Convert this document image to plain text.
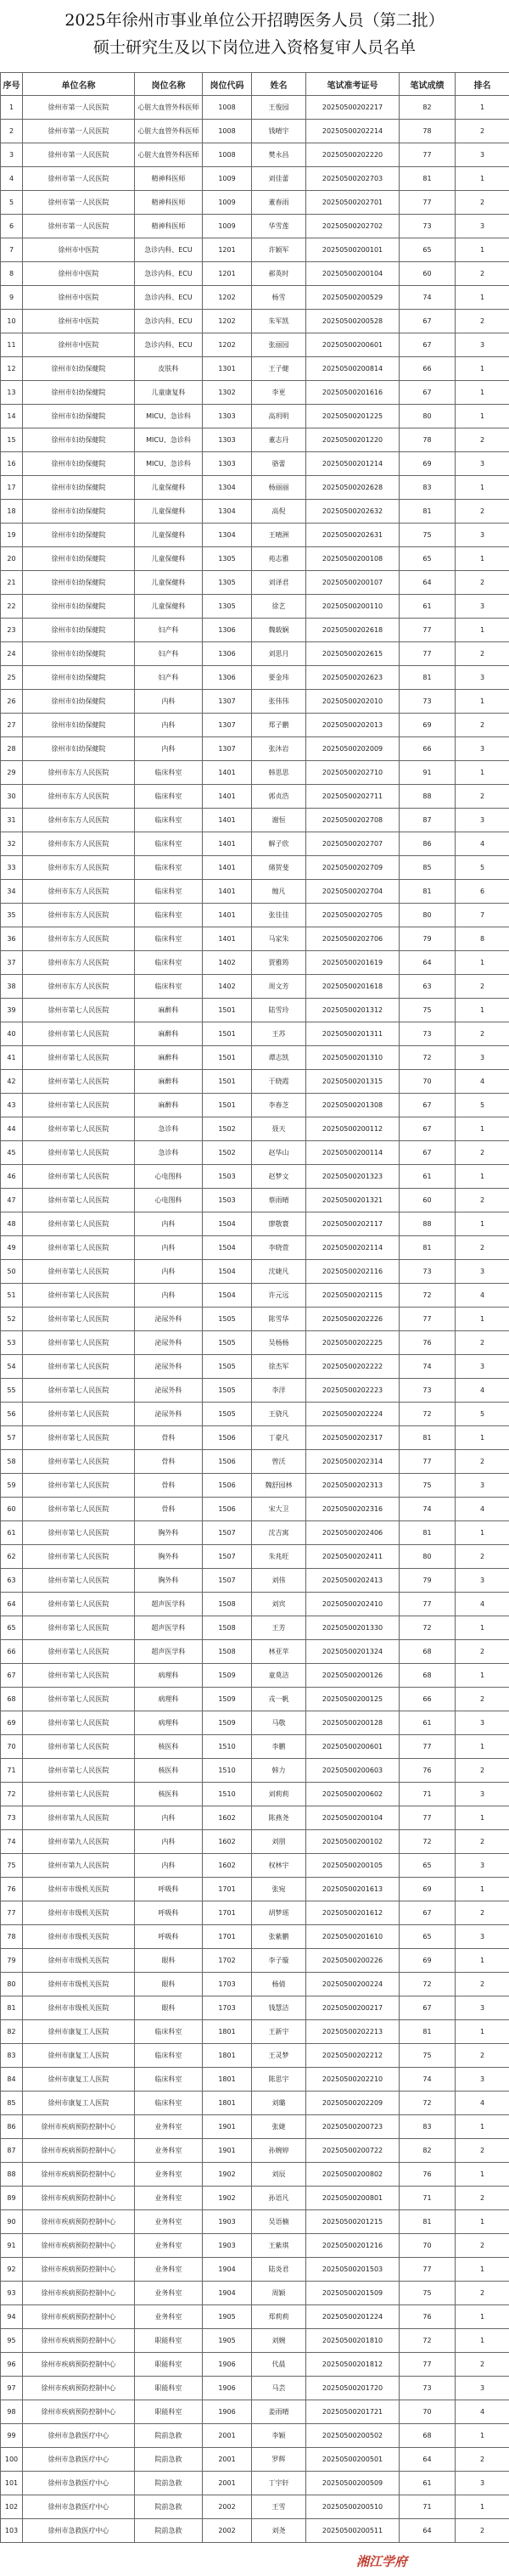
2025年徐州市事业单位公开招聘医务人员（第二批）
硕士研究生及以下岗位进入资格复审人员名单
序号	单位名称	岗位名称	岗位代码	姓名	笔试准考证号	笔试成绩	排名
1	徐州市第一人民医院	心脏大血管外科医师	1008	王俊园	20250500202217	82	1
2	徐州市第一人民医院	心脏大血管外科医师	1008	钱晴宇	20250500202214	78	2
3	徐州市第一人民医院	心脏大血管外科医师	1008	樊永昌	20250500202220	77	3
4	徐州市第一人民医院	精神科医师	1009	刘佳蕾	20250500202703	81	1
5	徐州市第一人民医院	精神科医师	1009	董春雨	20250500202701	77	2
6	徐州市第一人民医院	精神科医师	1009	华雪莲	20250500202702	73	3
7	徐州市中医院	急诊内科、ECU	1201	许颖军	20250500200101	65	1
8	徐州市中医院	急诊内科、ECU	1201	郝英时	20250500200104	60	2
9	徐州市中医院	急诊内科、ECU	1202	杨雪	20250500200529	74	1
10	徐州市中医院	急诊内科、ECU	1202	朱军凯	20250500200528	67	2
11	徐州市中医院	急诊内科、ECU	1202	张丽园	20250500200601	67	3
12	徐州市妇幼保健院	皮肤科	1301	王子健	20250500200814	66	1
13	徐州市妇幼保健院	儿童康复科	1302	李更	20250500201616	67	1
14	徐州市妇幼保健院	MICU、急诊科	1303	高玥明	20250500201225	80	1
15	徐州市妇幼保健院	MICU、急诊科	1303	董志丹	20250500201220	78	2
16	徐州市妇幼保健院	MICU、急诊科	1303	骆蕾	20250500201214	69	3
17	徐州市妇幼保健院	儿童保健科	1304	杨丽丽	20250500202628	83	1
18	徐州市妇幼保健院	儿童保健科	1304	高倪	20250500202632	81	2
19	徐州市妇幼保健院	儿童保健科	1304	王晴洲	20250500202631	75	3
20	徐州市妇幼保健院	儿童保健科	1305	苑志雅	20250500200108	65	1
21	徐州市妇幼保健院	儿童保健科	1305	刘译君	20250500200107	64	2
22	徐州市妇幼保健院	儿童保健科	1305	徐艺	20250500200110	61	3
23	徐州市妇幼保健院	妇产科	1306	魏载娴	20250500202618	77	1
24	徐州市妇幼保健院	妇产科	1306	刘思月	20250500202615	77	2
25	徐州市妇幼保健院	妇产科	1306	要金玮	20250500202623	81	3
26	徐州市妇幼保健院	内科	1307	张伟伟	20250500202010	73	1
27	徐州市妇幼保健院	内科	1307	郑子鹏	20250500202013	69	2
28	徐州市妇幼保健院	内科	1307	张沐岩	20250500202009	66	3
29	徐州市东方人民医院	临床科室	1401	韩思思	20250500202710	91	1
30	徐州市东方人民医院	临床科室	1401	郭贞浩	20250500202711	88	2
31	徐州市东方人民医院	临床科室	1401	谢恒	20250500202708	87	3
32	徐州市东方人民医院	临床科室	1401	解子欣	20250500202707	86	4
33	徐州市东方人民医院	临床科室	1401	储贺斐	20250500202709	85	5
34	徐州市东方人民医院	临床科室	1401	缠凡	20250500202704	81	6
35	徐州市东方人民医院	临床科室	1401	张佳佳	20250500202705	80	7
36	徐州市东方人民医院	临床科室	1401	马家朱	20250500202706	79	8
37	徐州市东方人民医院	临床科室	1402	贾雅筠	20250500201619	64	1
38	徐州市东方人民医院	临床科室	1402	周文芳	20250500201618	63	2
39	徐州市第七人民医院	麻醉科	1501	陆雪玲	20250500201312	75	1
40	徐州市第七人民医院	麻醉科	1501	王苏	20250500201311	73	2
41	徐州市第七人民医院	麻醉科	1501	谭志凯	20250500201310	72	3
42	徐州市第七人民医院	麻醉科	1501	于晓霞	20250500201315	70	4
43	徐州市第七人民医院	麻醉科	1501	李春芝	20250500201308	67	5
44	徐州市第七人民医院	急诊科	1502	聂天	20250500200112	67	1
45	徐州市第七人民医院	急诊科	1502	赵华山	20250500200114	67	2
46	徐州市第七人民医院	心电图科	1503	赵梦文	20250500201323	61	1
47	徐州市第七人民医院	心电图科	1503	蔡雨晴	20250500201321	60	2
48	徐州市第七人民医院	内科	1504	廖敬寰	20250500202117	88	1
49	徐州市第七人民医院	内科	1504	李晓萱	20250500202114	81	2
50	徐州市第七人民医院	内科	1504	沈婕凡	20250500202116	73	3
51	徐州市第七人民医院	内科	1504	许元远	20250500202115	72	4
52	徐州市第七人民医院	泌尿外科	1505	陈雪华	20250500202226	77	1
53	徐州市第七人民医院	泌尿外科	1505	吴杨杨	20250500202225	76	2
54	徐州市第七人民医院	泌尿外科	1505	徐杰军	20250500202222	74	3
55	徐州市第七人民医院	泌尿外科	1505	李洋	20250500202223	73	4
56	徐州市第七人民医院	泌尿外科	1505	王骁凡	20250500202224	72	5
57	徐州市第七人民医院	骨科	1506	丁豪凡	20250500202317	81	1
58	徐州市第七人民医院	骨科	1506	曾沃	20250500202314	77	2
59	徐州市第七人民医院	骨科	1506	魏舒园林	20250500202313	75	3
60	徐州市第七人民医院	骨科	1506	宋大卫	20250500202316	74	4
61	徐州市第七人民医院	胸外科	1507	沈吉寓	20250500202406	81	1
62	徐州市第七人民医院	胸外科	1507	朱兆旺	20250500202411	80	2
63	徐州市第七人民医院	胸外科	1507	刘伟	20250500202413	79	3
64	徐州市第七人民医院	超声医学科	1508	刘宾	20250500202410	77	4
65	徐州市第七人民医院	超声医学科	1508	王芳	20250500201330	72	1
66	徐州市第七人民医院	超声医学科	1508	林亚苹	20250500201324	68	2
67	徐州市第七人民医院	病理科	1509	童莫洁	20250500200126	68	1
68	徐州市第七人民医院	病理科	1509	戎一帆	20250500200125	66	2
69	徐州市第七人民医院	病理科	1509	马敬	20250500200128	61	3
70	徐州市第七人民医院	核医科	1510	李鹏	20250500200601	77	1
71	徐州市第七人民医院	核医科	1510	韩力	20250500200603	76	2
72	徐州市第七人民医院	核医科	1510	刘莉莉	20250500200602	71	3
73	徐州市第九人民医院	内科	1602	陈燕尧	20250500200104	77	1
74	徐州市第九人民医院	内科	1602	刘朋	20250500200102	72	2
75	徐州市第九人民医院	内科	1602	权林宇	20250500200105	65	3
76	徐州市市级机关医院	呼吸科	1701	张宛	20250500201613	69	1
77	徐州市市级机关医院	呼吸科	1701	胡梦瑶	20250500201612	67	2
78	徐州市市级机关医院	呼吸科	1701	张紫鹏	20250500201610	65	3
79	徐州市市级机关医院	眼科	1702	李子璇	20250500200226	69	1
80	徐州市市级机关医院	眼科	1703	杨倩	20250500200224	72	2
81	徐州市市级机关医院	眼科	1703	钱慧洁	20250500200217	67	3
82	徐州市康复工人医院	临床科室	1801	王新宇	20250500202213	81	1
83	徐州市康复工人医院	临床科室	1801	王灵梦	20250500202212	75	2
84	徐州市康复工人医院	临床科室	1801	陈思宇	20250500202210	74	3
85	徐州市康复工人医院	临床科室	1801	刘璐	20250500202209	72	4
86	徐州市疾病预防控制中心	业务科室	1901	张婕	20250500200723	83	1
87	徐州市疾病预防控制中心	业务科室	1901	孙婉婷	20250500200722	82	2
88	徐州市疾病预防控制中心	业务科室	1902	刘辰	20250500200802	76	1
89	徐州市疾病预防控制中心	业务科室	1902	孙语凡	20250500200801	71	2
90	徐州市疾病预防控制中心	业务科室	1903	吴语楠	20250500201215	81	1
91	徐州市疾病预防控制中心	业务科室	1903	王紫琪	20250500201216	70	2
92	徐州市疾病预防控制中心	业务科室	1904	陆炎君	20250500201503	77	1
93	徐州市疾病预防控制中心	业务科室	1904	周颖	20250500201509	75	2
94	徐州市疾病预防控制中心	业务科室	1905	郑莉莉	20250500201224	76	1
95	徐州市疾病预防控制中心	职能科室	1905	刘婉	20250500201810	72	1
96	徐州市疾病预防控制中心	职能科室	1906	代晨	20250500201812	77	2
97	徐州市疾病预防控制中心	职能科室	1906	马芸	20250500201720	73	3
98	徐州市疾病预防控制中心	职能科室	1906	姜雨晴	20250500201721	70	4
99	徐州市急救医疗中心	院前急救	2001	李颖	20250500200502	68	1
100	徐州市急救医疗中心	院前急救	2001	罗辉	20250500200501	64	2
101	徐州市急救医疗中心	院前急救	2001	丁宇轩	20250500200509	61	3
102	徐州市急救医疗中心	院前急救	2002	王雪	20250500200510	71	1
103	徐州市急救医疗中心	院前急救	2002	刘尧	20250500200511	64	2
湘江学府
